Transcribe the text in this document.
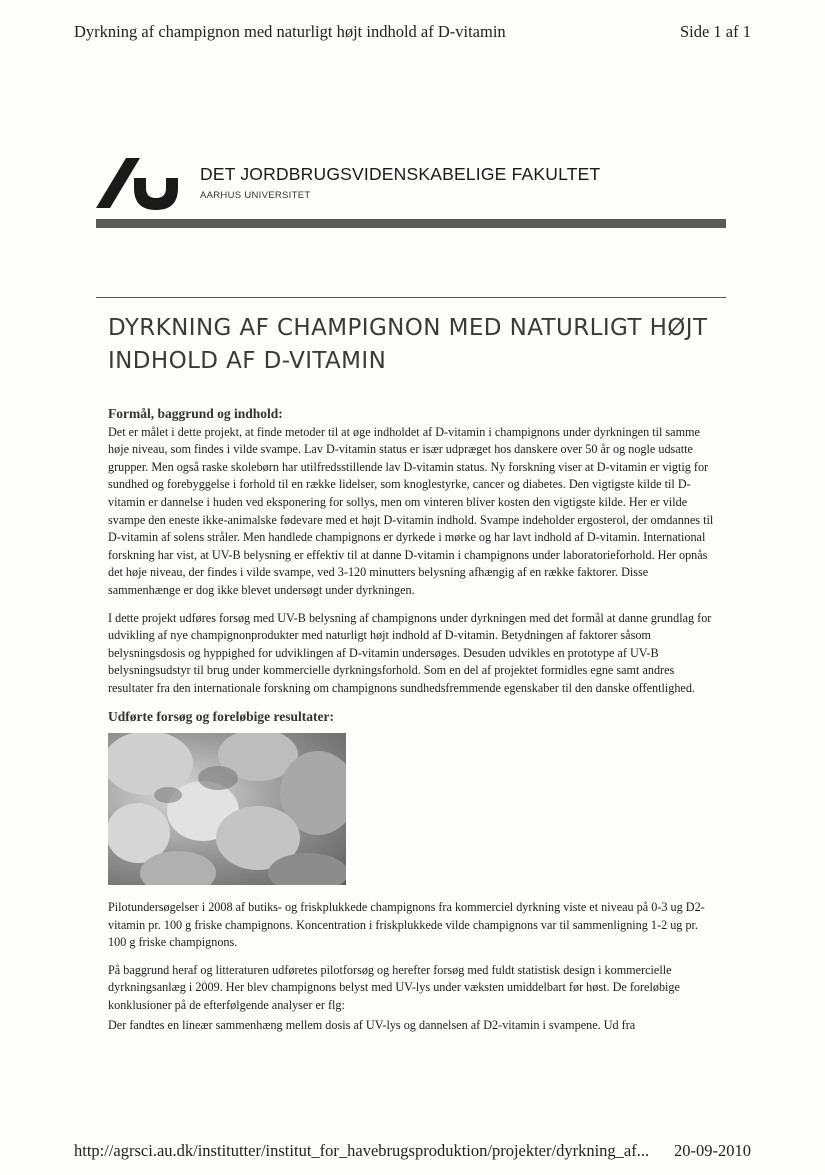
Dyrkning af champignon med naturligt højt indhold af D-vitamin	Side 1 af 1
DET JORDBRUGSVIDENSKABELIGE FAKULTET
AARHUS UNIVERSITET
DYRKNING AF CHAMPIGNON MED NATURLIGT HØJT INDHOLD AF D-VITAMIN
Formål, baggrund og indhold:

Det er målet i dette projekt, at finde metoder til at øge indholdet af D-vitamin i champignons under dyrkningen til samme høje niveau, som findes i vilde svampe. Lav D-vitamin status er især udpræget hos danskere over 50 år og nogle udsatte grupper. Men også raske skolebørn har utilfredsstillende lav D-vitamin status. Ny forskning viser at D-vitamin er vigtig for sundhed og forebyggelse i forhold til en række lidelser, som knoglestyrke, cancer og diabetes. Den vigtigste kilde til D-vitamin er dannelse i huden ved eksponering for sollys, men om vinteren bliver kosten den vigtigste kilde. Her er vilde svampe den eneste ikke-animalske fødevare med et højt D-vitamin indhold. Svampe indeholder ergosterol, der omdannes til D-vitamin af solens stråler. Men handlede champignons er dyrkede i mørke og har lavt indhold af D-vitamin. International forskning har vist, at UV-B belysning er effektiv til at danne D-vitamin i champignons under laboratorieforhold. Her opnås det høje niveau, der findes i vilde svampe, ved 3-120 minutters belysning afhængig af en række faktorer. Disse sammenhænge er dog ikke blevet undersøgt under dyrkningen.

I dette projekt udføres forsøg med UV-B belysning af champignons under dyrkningen med det formål at danne grundlag for udvikling af nye champignonprodukter med naturligt højt indhold af D-vitamin. Betydningen af faktorer såsom belysningsdosis og hyppighed for udviklingen af D-vitamin undersøges. Desuden udvikles en prototype af UV-B belysningsudstyr til brug under kommercielle dyrkningsforhold. Som en del af projektet formidles egne samt andres resultater fra den internationale forskning om champignons sundhedsfremmende egenskaber til den danske offentlighed.

Udførte forsøg og foreløbige resultater:

Pilotundersøgelser i 2008 af butiks- og friskplukkede champignons fra kommerciel dyrkning viste et niveau på 0-3 ug D2-vitamin pr. 100 g friske champignons. Koncentration i friskplukkede vilde champignons var til sammenligning 1-2 ug pr. 100 g friske champignons.

På baggrund heraf og litteraturen udføretes pilotforsøg og herefter forsøg med fuldt statistisk design i kommercielle dyrkningsanlæg i 2009. Her blev champignons belyst med UV-lys under væksten umiddelbart før høst. De foreløbige konklusioner på de efterfølgende analyser er flg:

Der fandtes en lineær sammenhæng mellem dosis af UV-lys og dannelsen af D2-vitamin i svampene. Ud fra

http://agrsci.au.dk/institutter/institut_for_havebrugsproduktion/projekter/dyrkning_af... 20-09-2010
